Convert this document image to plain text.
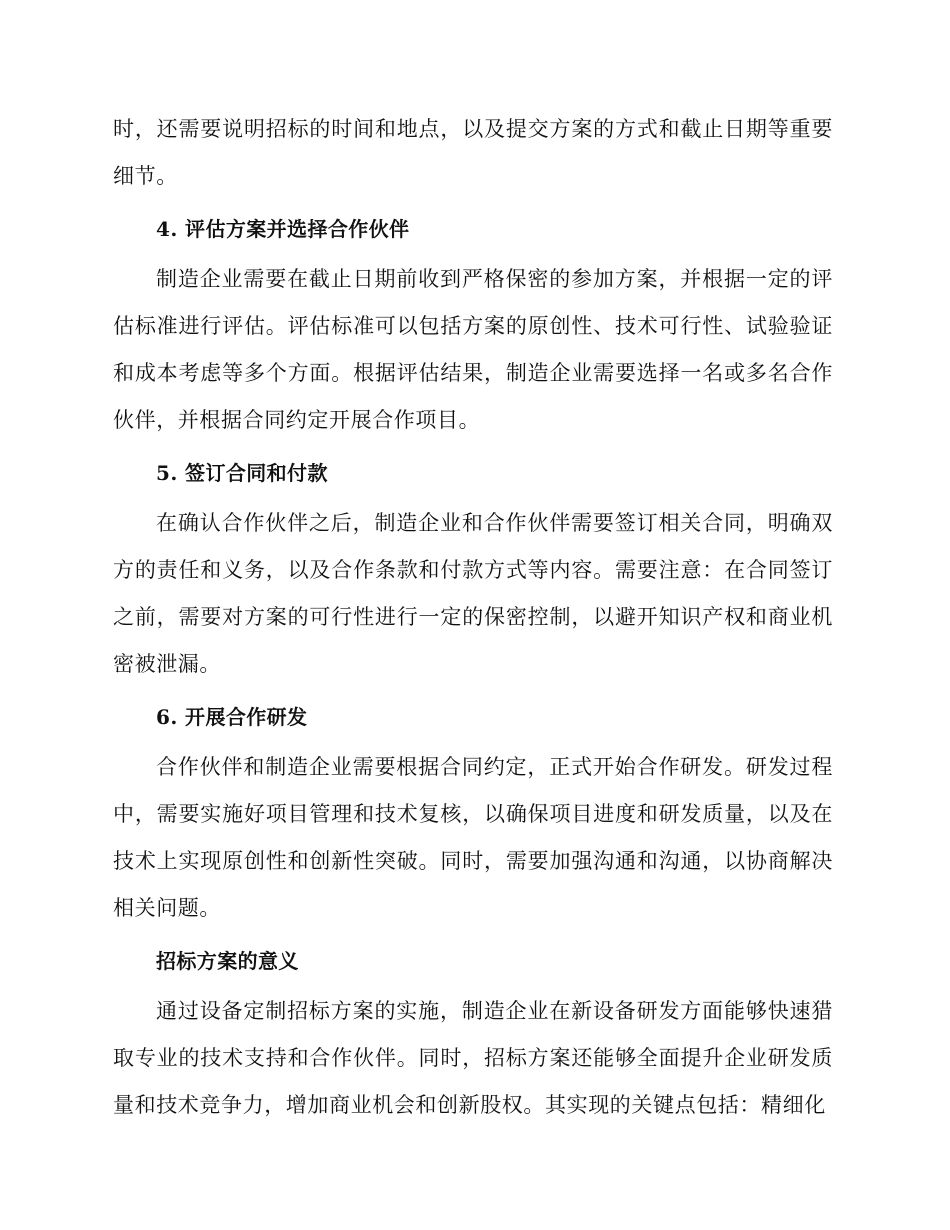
时，还需要说明招标的时间和地点，以及提交方案的方式和截止日期等重要细节。

4. 评估方案并选择合作伙伴

制造企业需要在截止日期前收到严格保密的参加方案，并根据一定的评估标准进行评估。评估标准可以包括方案的原创性、技术可行性、试验验证和成本考虑等多个方面。根据评估结果，制造企业需要选择一名或多名合作伙伴，并根据合同约定开展合作项目。

5. 签订合同和付款

在确认合作伙伴之后，制造企业和合作伙伴需要签订相关合同，明确双方的责任和义务，以及合作条款和付款方式等内容。需要注意：在合同签订之前，需要对方案的可行性进行一定的保密控制，以避开知识产权和商业机密被泄漏。

6. 开展合作研发

合作伙伴和制造企业需要根据合同约定，正式开始合作研发。研发过程中，需要实施好项目管理和技术复核，以确保项目进度和研发质量，以及在技术上实现原创性和创新性突破。同时，需要加强沟通和沟通，以协商解决相关问题。

招标方案的意义

通过设备定制招标方案的实施，制造企业在新设备研发方面能够快速猎取专业的技术支持和合作伙伴。同时，招标方案还能够全面提升企业研发质量和技术竞争力，增加商业机会和创新股权。其实现的关键点包括：精细化
